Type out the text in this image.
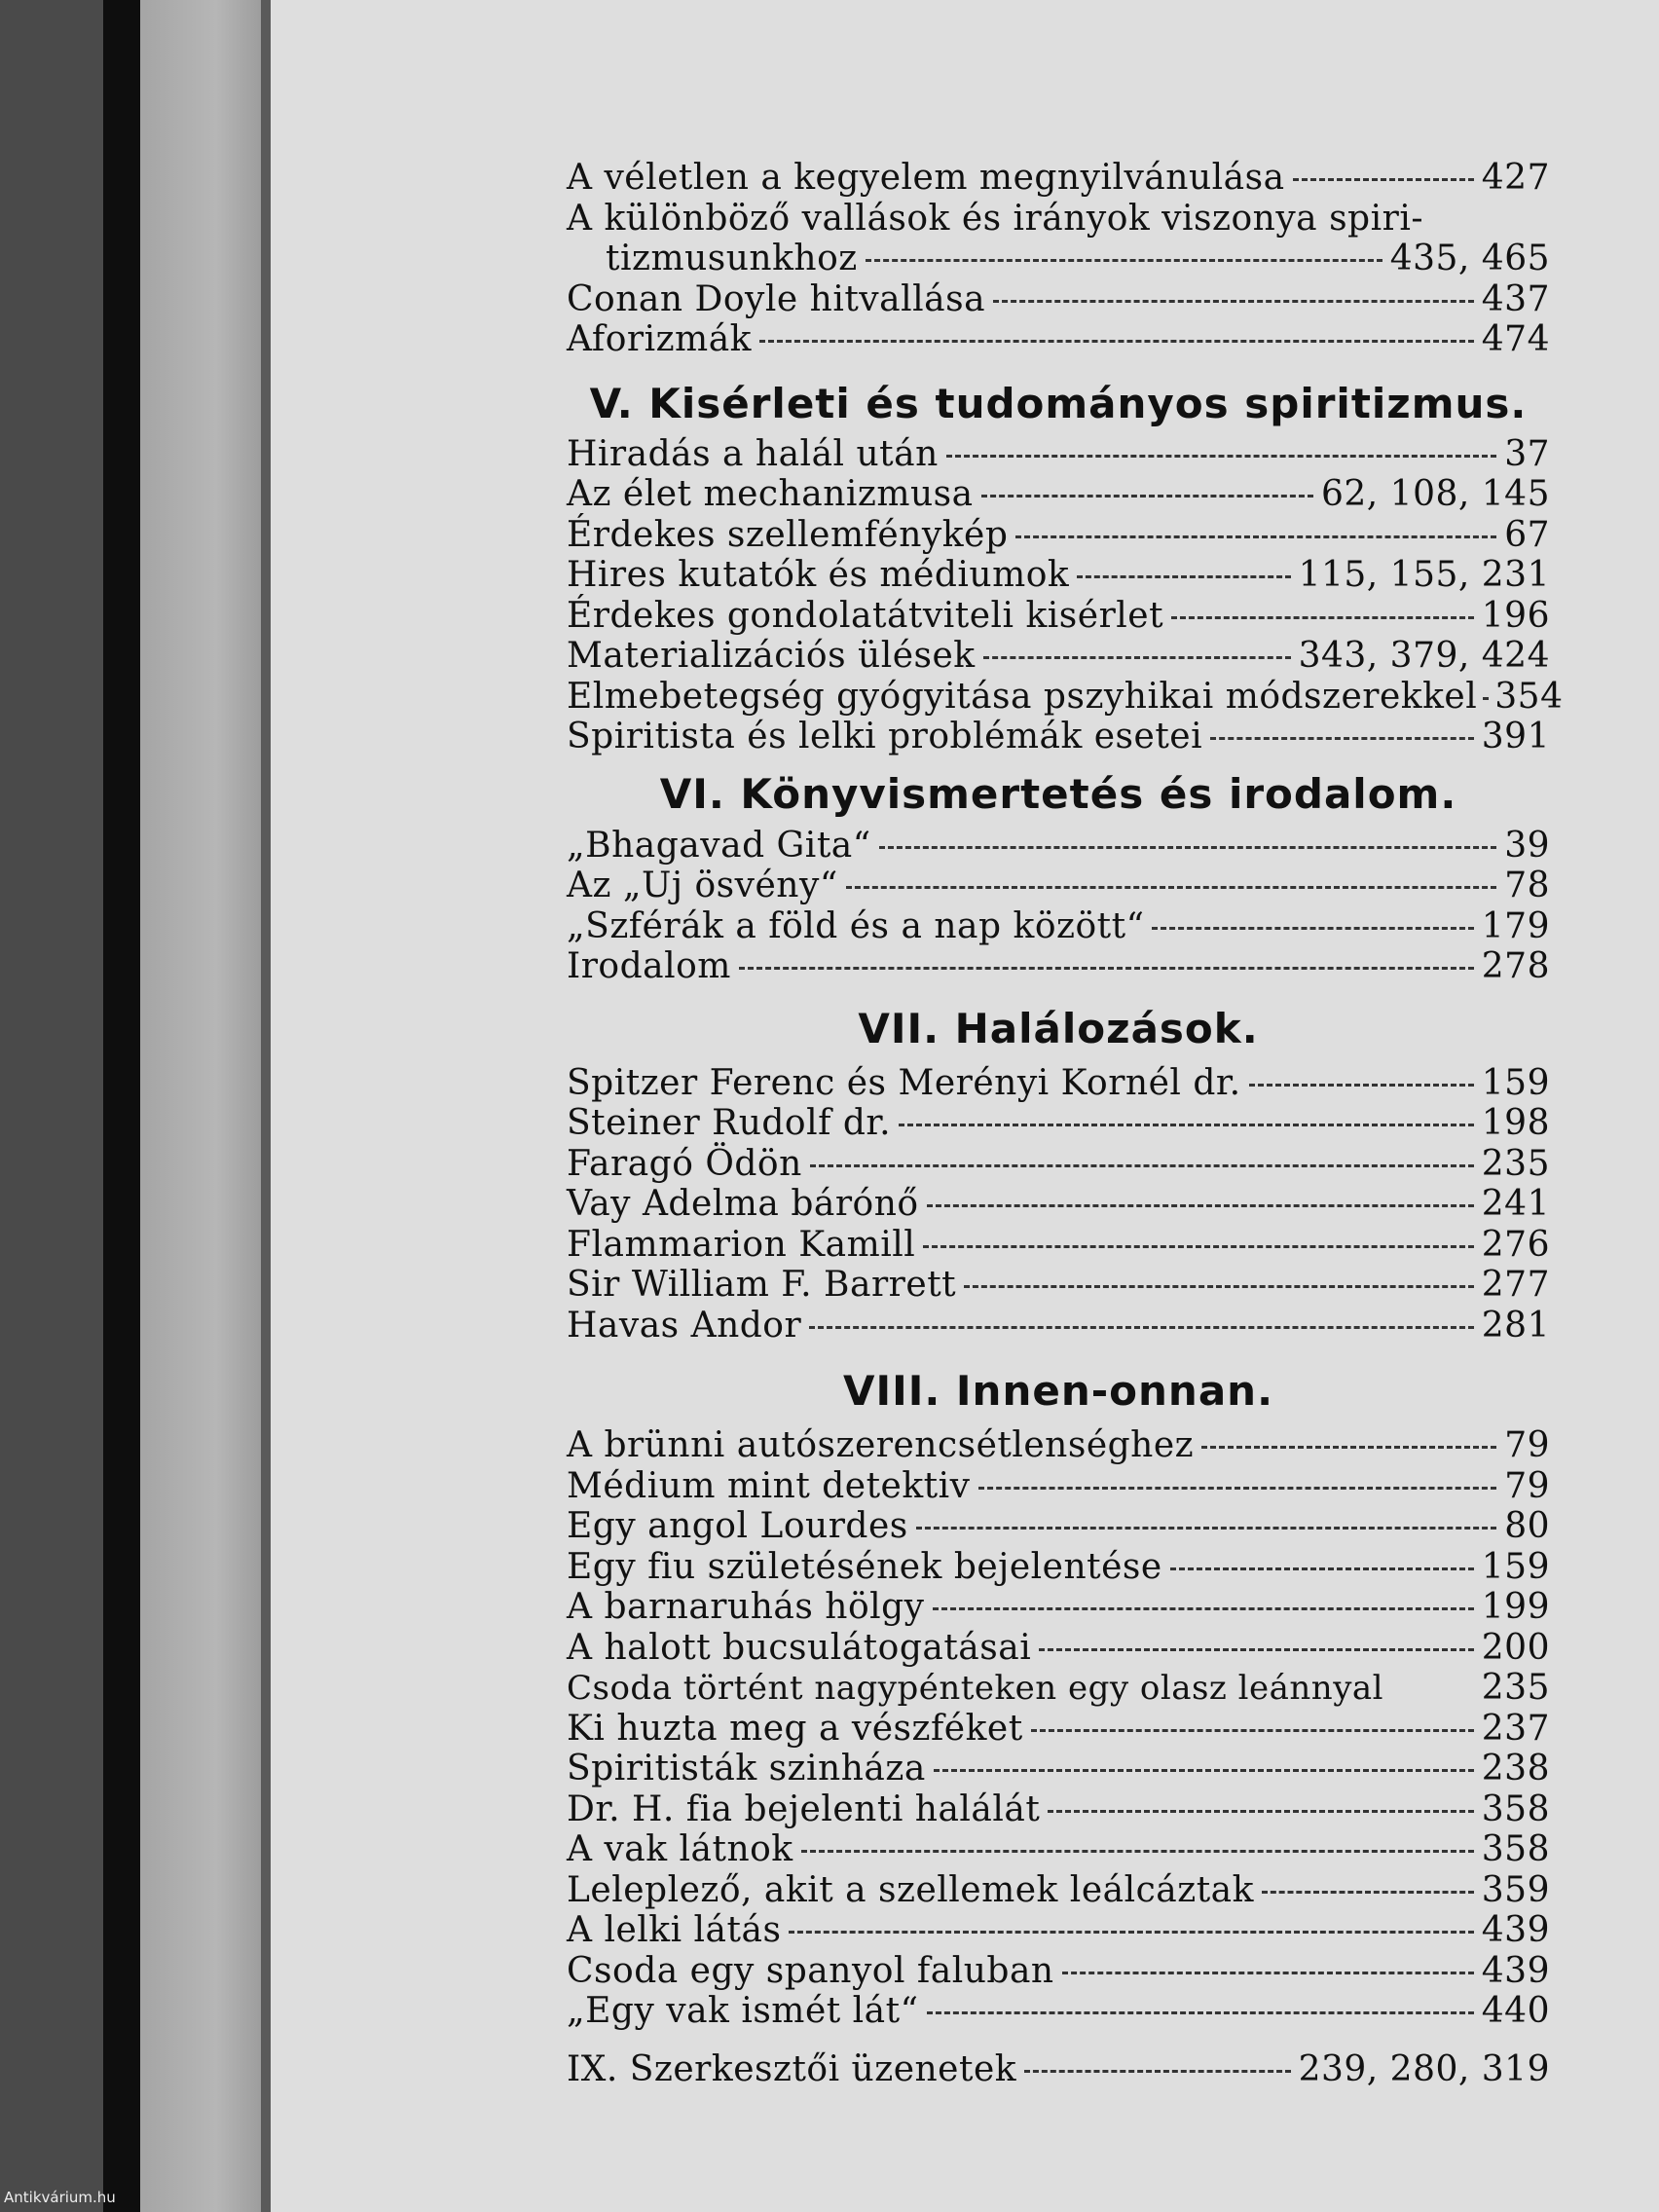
A véletlen a kegyelem megnyilvánulása	427
A különböző vallások és irányok viszonya spiri-
tizmusunkhoz	435, 465
Conan Doyle hitvallása	437
Aforizmák	474
V. Kisérleti és tudományos spiritizmus.
Hiradás a halál után	37
Az élet mechanizmusa	62, 108, 145
Érdekes szellemfénykép	67
Hires kutatók és médiumok	115, 155, 231
Érdekes gondolatátviteli kisérlet	196
Materializációs ülések	343, 379, 424
Elmebetegség gyógyitása pszyhikai módszerekkel 354
Spiritista és lelki problémák esetei	391
VI. Könyvismertetés és irodalom.
„Bhagavad Gita“	39
Az „Uj ösvény“	78
„Szférák a föld és a nap között“	179
Irodalom	278
VII. Halálozások.
Spitzer Ferenc és Merényi Kornél dr.	159
Steiner Rudolf dr.	198
Faragó Ödön	235
Vay Adelma bárónő	241
Flammarion Kamill	276
Sir William F. Barrett	277
Havas Andor	281
VIII. Innen-onnan.
A brünni autószerencsétlenséghez	79
Médium mint detektiv	79
Egy angol Lourdes	80
Egy fiu születésének bejelentése	159
A barnaruhás hölgy	199
A halott bucsulátogatásai	200
Csoda történt nagypénteken egy olasz leánnyal	235
Ki huzta meg a vészféket	237
Spiritisták szinháza	238
Dr. H. fia bejelenti halálát	358
A vak látnok	358
Leleplező, akit a szellemek leálcáztak	359
A lelki látás	439
Csoda egy spanyol faluban	439
„Egy vak ismét lát“	440
IX. Szerkesztői üzenetek	239, 280, 319
Antikvárium.hu
